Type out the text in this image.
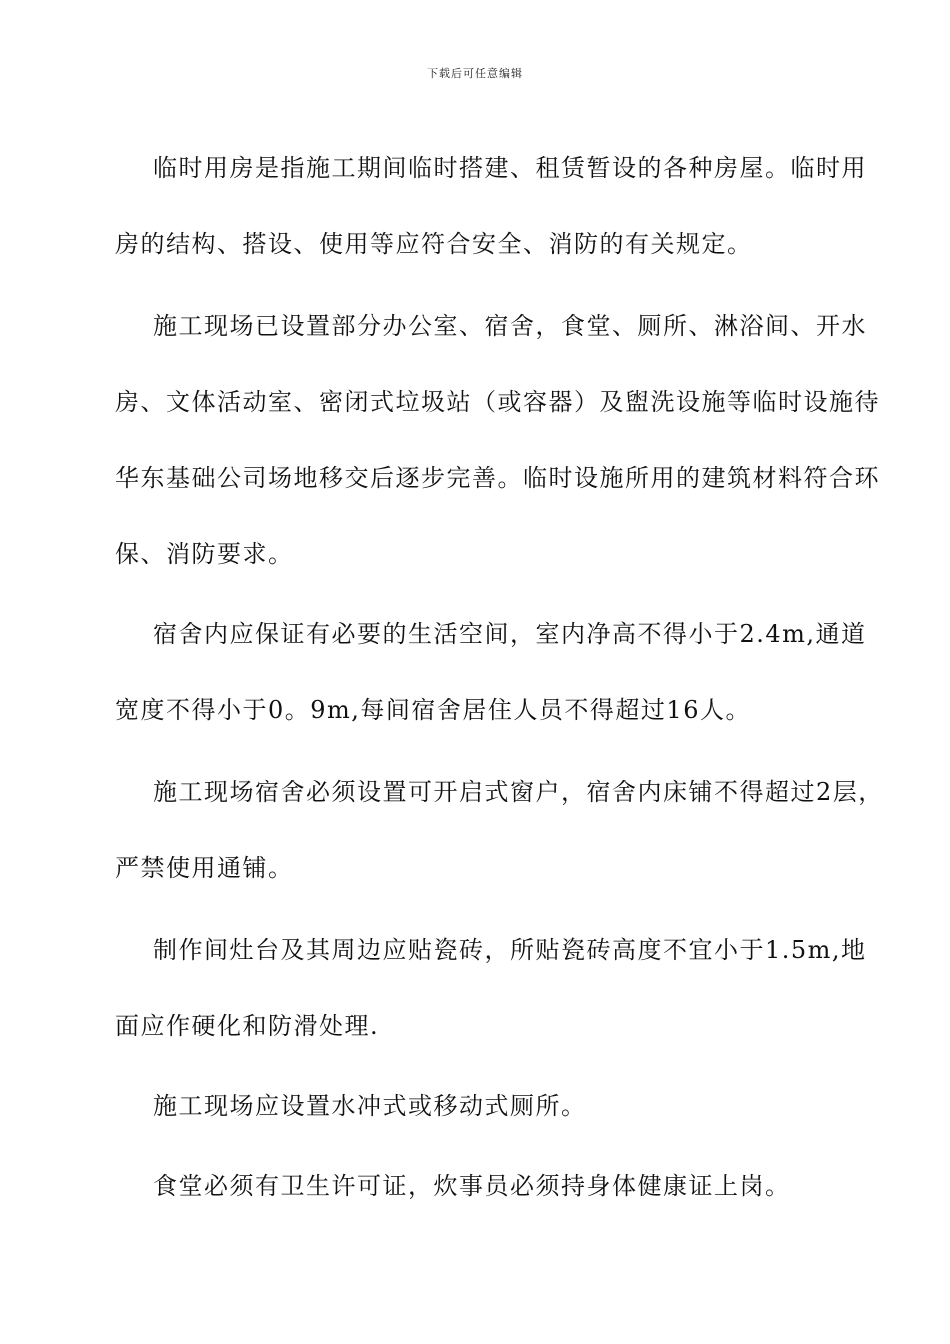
下载后可任意编辑

临时用房是指施工期间临时搭建、租赁暂设的各种房屋。临时用房的结构、搭设、使用等应符合安全、消防的有关规定。

施工现场已设置部分办公室、宿舍，食堂、厕所、淋浴间、开水房、文体活动室、密闭式垃圾站（或容器）及盥洗设施等临时设施待华东基础公司场地移交后逐步完善。临时设施所用的建筑材料符合环保、消防要求。

宿舍内应保证有必要的生活空间，室内净高不得小于2.4m,通道宽度不得小于0。9m,每间宿舍居住人员不得超过16人。

施工现场宿舍必须设置可开启式窗户，宿舍内床铺不得超过2层，严禁使用通铺。

制作间灶台及其周边应贴瓷砖，所贴瓷砖高度不宜小于1.5m,地面应作硬化和防滑处理.

施工现场应设置水冲式或移动式厕所。

食堂必须有卫生许可证，炊事员必须持身体健康证上岗。
